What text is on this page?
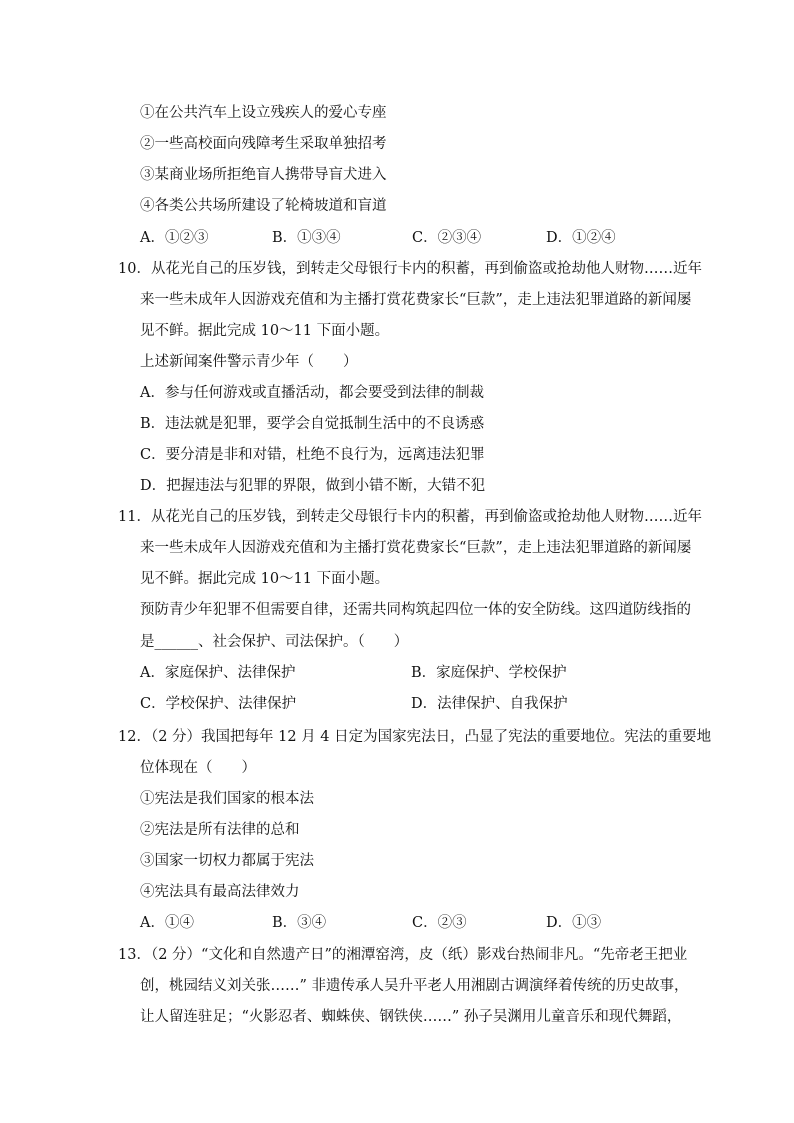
①在公共汽车上设立残疾人的爱心专座
②一些高校面向残障考生采取单独招考
③某商业场所拒绝盲人携带导盲犬进入
④各类公共场所建设了轮椅坡道和盲道
A．①②③	B．①③④	C．②③④	D．①②④
10．从花光自己的压岁钱，到转走父母银行卡内的积蓄，再到偷盗或抢劫他人财物……近年
来一些未成年人因游戏充值和为主播打赏花费家长“巨款”，走上违法犯罪道路的新闻屡
见不鲜。据此完成 10～11 下面小题。
上述新闻案件警示青少年（　　）
A．参与任何游戏或直播活动，都会要受到法律的制裁
B．违法就是犯罪，要学会自觉抵制生活中的不良诱惑
C．要分清是非和对错，杜绝不良行为，远离违法犯罪
D．把握违法与犯罪的界限，做到小错不断，大错不犯
11．从花光自己的压岁钱，到转走父母银行卡内的积蓄，再到偷盗或抢劫他人财物……近年
来一些未成年人因游戏充值和为主播打赏花费家长“巨款”，走上违法犯罪道路的新闻屡
见不鲜。据此完成 10～11 下面小题。
预防青少年犯罪不但需要自律，还需共同构筑起四位一体的安全防线。这四道防线指的
是______、社会保护、司法保护。（　　）
A．家庭保护、法律保护	B．家庭保护、学校保护
C．学校保护、法律保护	D．法律保护、自我保护
12．（2 分）我国把每年 12 月 4 日定为国家宪法日，凸显了宪法的重要地位。宪法的重要地
位体现在（　　）
①宪法是我们国家的根本法
②宪法是所有法律的总和
③国家一切权力都属于宪法
④宪法具有最高法律效力
A．①④	B．③④	C．②③	D．①③
13．（2 分）“文化和自然遗产日”的湘潭窑湾，皮（纸）影戏台热闹非凡。“先帝老王把业
创，桃园结义刘关张……” 非遗传承人吴升平老人用湘剧古调演绎着传统的历史故事，
让人留连驻足；“火影忍者、蜘蛛侠、钢铁侠……” 孙子吴渊用儿童音乐和现代舞蹈，
